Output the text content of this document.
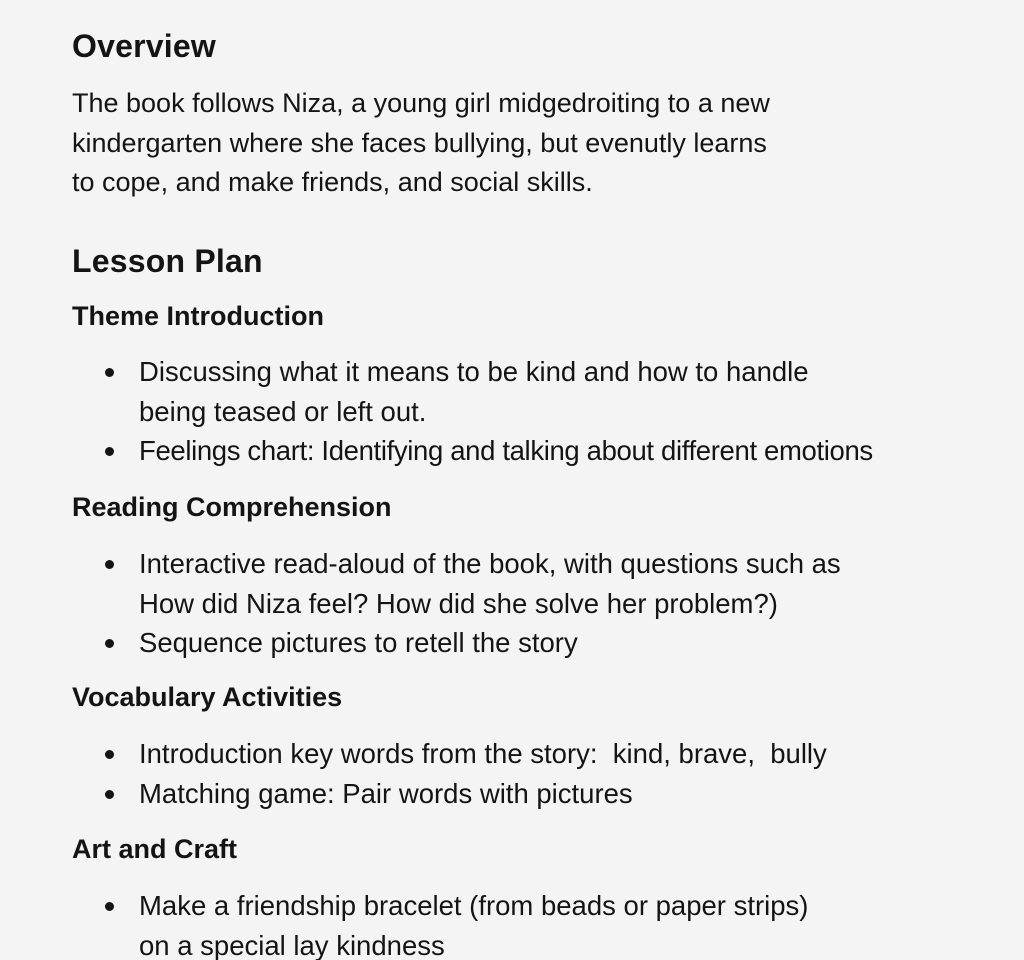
Overview

The book follows Niza, a young girl midgedroiting to a new
kindergarten where she faces bullying, but evenutly learns
to cope, and make friends, and social skills.

Lesson Plan
Theme Introduction
Discussing what it means to be kind and how to handle
being teased or left out.
Feelings chart: Identifying and talking about different emotions
Reading Comprehension
Interactive read-aloud of the book, with questions such as
How did Niza feel? How did she solve her problem?)
Sequence pictures to retell the story
Vocabulary Activities
Introduction key words from the story:  kind, brave,  bully
Matching game: Pair words with pictures
Art and Craft
Make a friendship bracelet (from beads or paper strips)
on a special lay kindness
